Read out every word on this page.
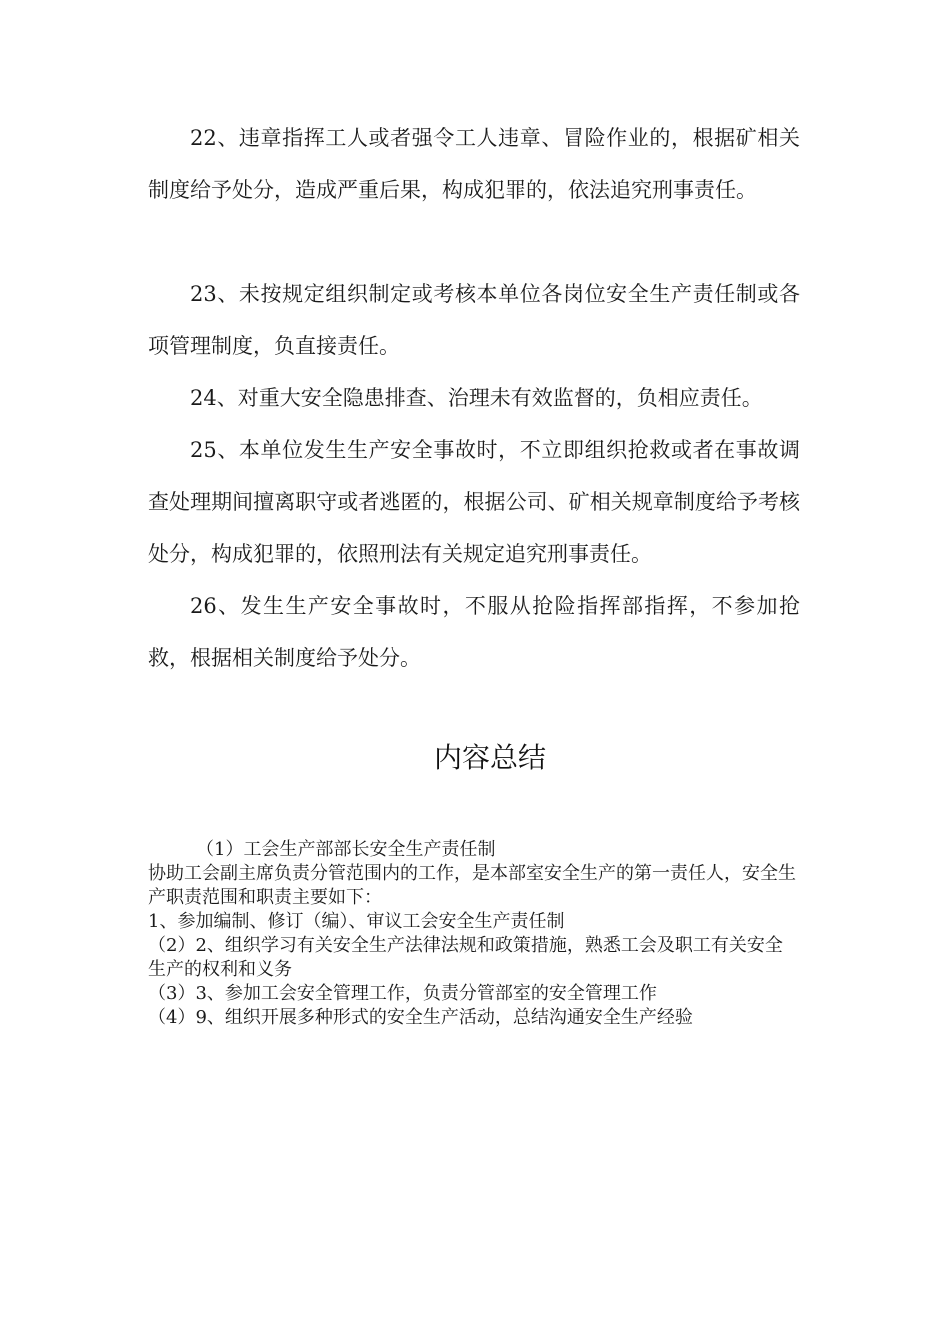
22、违章指挥工人或者强令工人违章、冒险作业的，根据矿相关制度给予处分，造成严重后果，构成犯罪的，依法追究刑事责任。

23、未按规定组织制定或考核本单位各岗位安全生产责任制或各项管理制度，负直接责任。

24、对重大安全隐患排查、治理未有效监督的，负相应责任。

25、本单位发生生产安全事故时，不立即组织抢救或者在事故调查处理期间擅离职守或者逃匿的，根据公司、矿相关规章制度给予考核处分，构成犯罪的，依照刑法有关规定追究刑事责任。

26、发生生产安全事故时，不服从抢险指挥部指挥，不参加抢救，根据相关制度给予处分。

内容总结
（1）工会生产部部长安全生产责任制
协助工会副主席负责分管范围内的工作，是本部室安全生产的第一责任人，安全生产职责范围和职责主要如下：
1、参加编制、修订（编）、审议工会安全生产责任制
（2）2、组织学习有关安全生产法律法规和政策措施，熟悉工会及职工有关安全生产的权利和义务
（3）3、参加工会安全管理工作，负责分管部室的安全管理工作
（4）9、组织开展多种形式的安全生产活动，总结沟通安全生产经验
